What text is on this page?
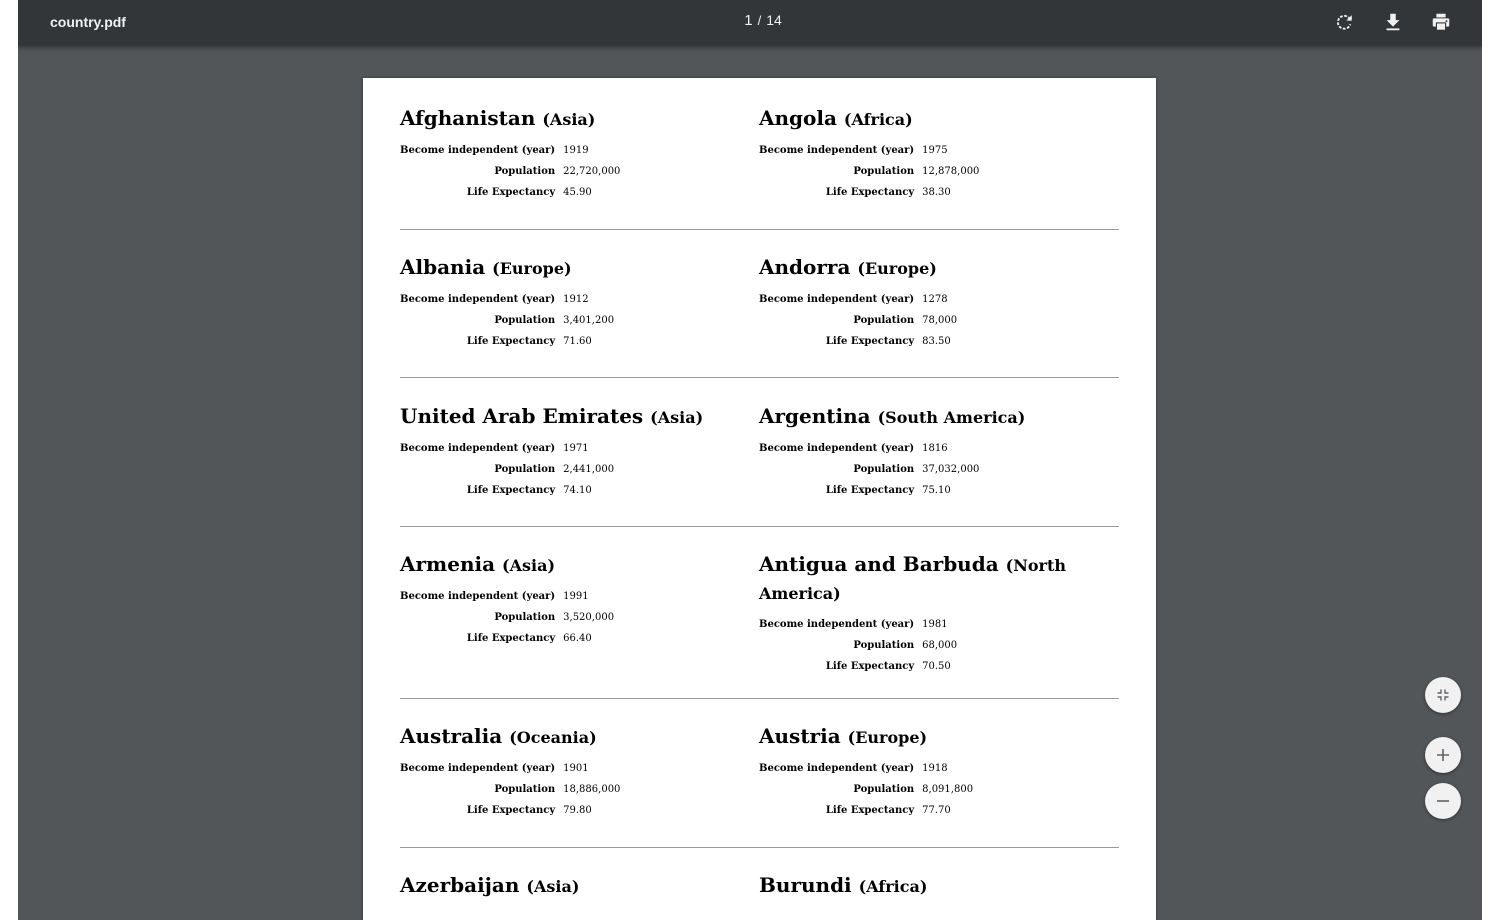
country.pdf	1 / 14
Afghanistan (Asia)
Become independent (year)	1919
Population	22,720,000
Life Expectancy	45.90
Angola (Africa)
Become independent (year)	1975
Population	12,878,000
Life Expectancy	38.30
Albania (Europe)
Become independent (year)	1912
Population	3,401,200
Life Expectancy	71.60
Andorra (Europe)
Become independent (year)	1278
Population	78,000
Life Expectancy	83.50
United Arab Emirates (Asia)
Become independent (year)	1971
Population	2,441,000
Life Expectancy	74.10
Argentina (South America)
Become independent (year)	1816
Population	37,032,000
Life Expectancy	75.10
Armenia (Asia)
Become independent (year)	1991
Population	3,520,000
Life Expectancy	66.40
Antigua and Barbuda (North America)
Become independent (year)	1981
Population	68,000
Life Expectancy	70.50
Australia (Oceania)
Become independent (year)	1901
Population	18,886,000
Life Expectancy	79.80
Austria (Europe)
Become independent (year)	1918
Population	8,091,800
Life Expectancy	77.70
Azerbaijan (Asia)	Burundi (Africa)
